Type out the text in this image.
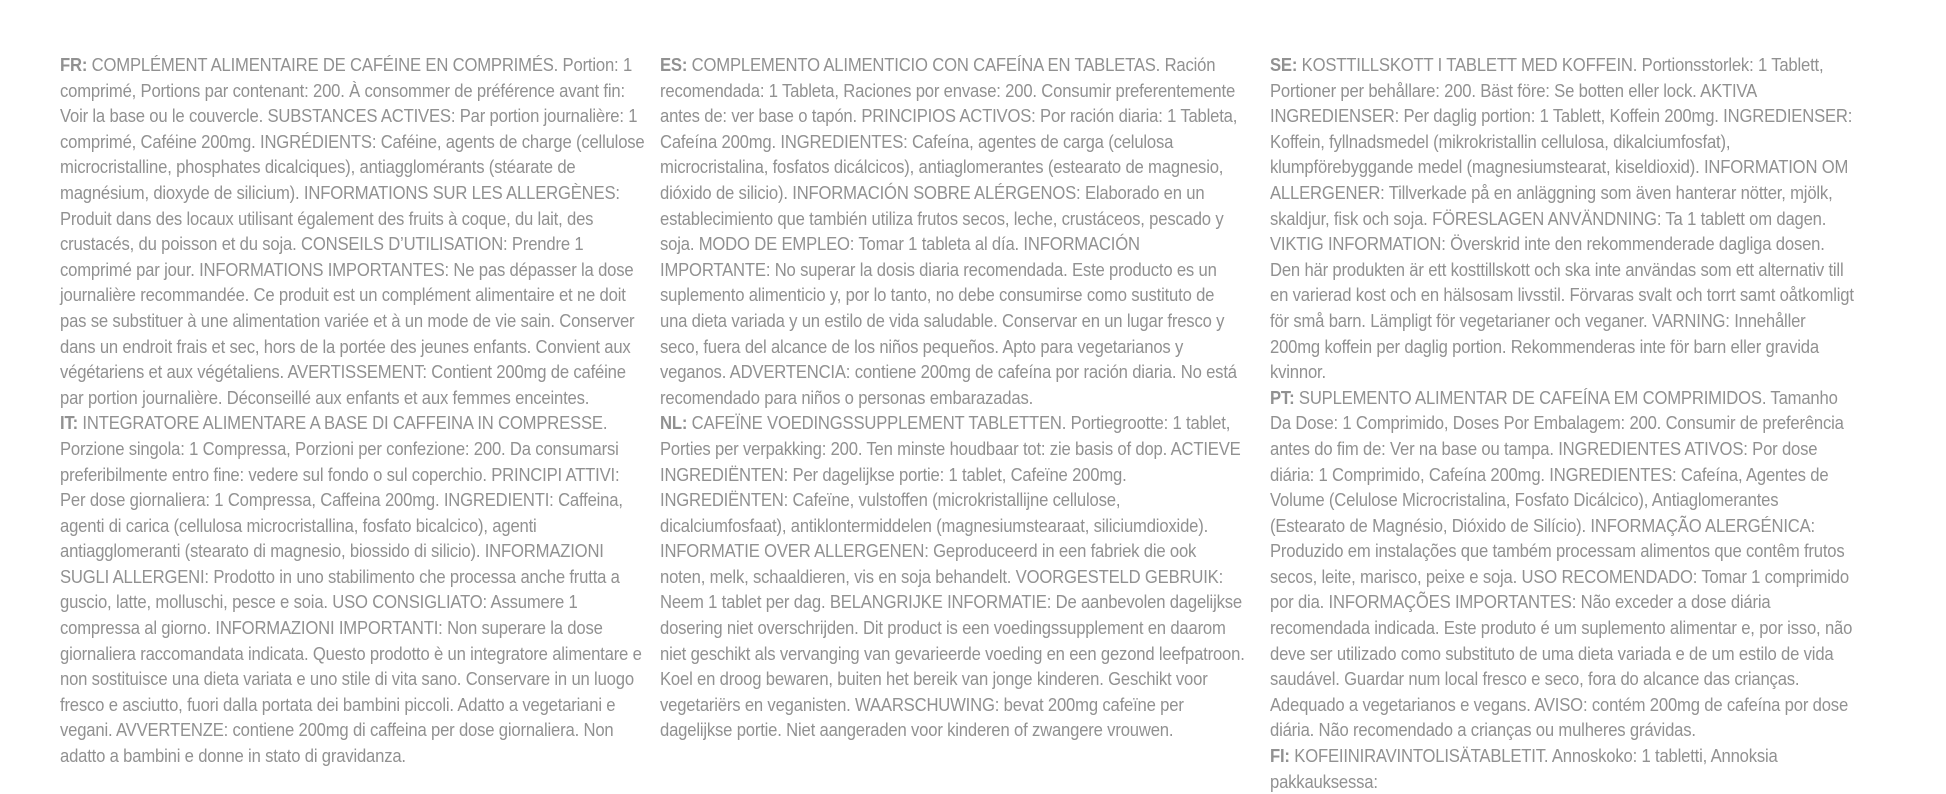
FR: COMPLÉMENT ALIMENTAIRE DE CAFÉINE EN COMPRIMÉS. Portion: 1 comprimé, Portions par contenant: 200. À consommer de préférence avant fin: Voir la base ou le couvercle. SUBSTANCES ACTIVES: Par portion journalière: 1 comprimé, Caféine 200mg. INGRÉDIENTS: Caféine, agents de charge (cellulose microcristalline, phosphates dicalciques), antiagglomérants (stéarate de magnésium, dioxyde de silicium). INFORMATIONS SUR LES ALLERGÈNES: Produit dans des locaux utilisant également des fruits à coque, du lait, des crustacés, du poisson et du soja. CONSEILS D’UTILISATION: Prendre 1 comprimé par jour. INFORMATIONS IMPORTANTES: Ne pas dépasser la dose journalière recommandée. Ce produit est un complément alimentaire et ne doit pas se substituer à une alimentation variée et à un mode de vie sain. Conserver dans un endroit frais et sec, hors de la portée des jeunes enfants. Convient aux végétariens et aux végétaliens. AVERTISSEMENT: Contient 200mg de caféine par portion journalière. Déconseillé aux enfants et aux femmes enceintes.

IT: INTEGRATORE ALIMENTARE A BASE DI CAFFEINA IN COMPRESSE. Porzione singola: 1 Compressa, Porzioni per confezione: 200. Da consumarsi preferibilmente entro fine: vedere sul fondo o sul coperchio. PRINCIPI ATTIVI: Per dose giornaliera: 1 Compressa, Caffeina 200mg. INGREDIENTI: Caffeina, agenti di carica (cellulosa microcristallina, fosfato bicalcico), agenti antiagglomeranti (stearato di magnesio, biossido di silicio). INFORMAZIONI SUGLI ALLERGENI: Prodotto in uno stabilimento che processa anche frutta a guscio, latte, molluschi, pesce e soia. USO CONSIGLIATO: Assumere 1 compressa al giorno. INFORMAZIONI IMPORTANTI: Non superare la dose giornaliera raccomandata indicata. Questo prodotto è un integratore alimentare e non sostituisce una dieta variata e uno stile di vita sano. Conservare in un luogo fresco e asciutto, fuori dalla portata dei bambini piccoli. Adatto a vegetariani e vegani. AVVERTENZE: contiene 200mg di caffeina per dose giornaliera. Non adatto a bambini e donne in stato di gravidanza.

ES: COMPLEMENTO ALIMENTICIO CON CAFEÍNA EN TABLETAS. Ración recomendada: 1 Tableta, Raciones por envase: 200. Consumir preferentemente antes de: ver base o tapón. PRINCIPIOS ACTIVOS: Por ración diaria: 1 Tableta, Cafeína 200mg. INGREDIENTES: Cafeína, agentes de carga (celulosa microcristalina, fosfatos dicálcicos), antiaglomerantes (estearato de magnesio, dióxido de silicio). INFORMACIÓN SOBRE ALÉRGENOS: Elaborado en un establecimiento que también utiliza frutos secos, leche, crustáceos, pescado y soja. MODO DE EMPLEO: Tomar 1 tableta al día. INFORMACIÓN IMPORTANTE: No superar la dosis diaria recomendada. Este producto es un suplemento alimenticio y, por lo tanto, no debe consumirse como sustituto de una dieta variada y un estilo de vida saludable. Conservar en un lugar fresco y seco, fuera del alcance de los niños pequeños. Apto para vegetarianos y veganos. ADVERTENCIA: contiene 200mg de cafeína por ración diaria. No está recomendado para niños o personas embarazadas.

NL: CAFEÏNE VOEDINGSSUPPLEMENT TABLETTEN. Portiegrootte: 1 tablet, Porties per verpakking: 200. Ten minste houdbaar tot: zie basis of dop. ACTIEVE INGREDIËNTEN: Per dagelijkse portie: 1 tablet, Cafeïne 200mg. INGREDIËNTEN: Cafeïne, vulstoffen (microkristallijne cellulose, dicalciumfosfaat), antiklontermiddelen (magnesiumstearaat, siliciumdioxide). INFORMATIE OVER ALLERGENEN: Geproduceerd in een fabriek die ook noten, melk, schaaldieren, vis en soja behandelt. VOORGESTELD GEBRUIK: Neem 1 tablet per dag. BELANGRIJKE INFORMATIE: De aanbevolen dagelijkse dosering niet overschrijden. Dit product is een voedingssupplement en daarom niet geschikt als vervanging van gevarieerde voeding en een gezond leefpatroon. Koel en droog bewaren, buiten het bereik van jonge kinderen. Geschikt voor vegetariërs en veganisten. WAARSCHUWING: bevat 200mg cafeïne per dagelijkse portie. Niet aangeraden voor kinderen of zwangere vrouwen.

SE: KOSTTILLSKOTT I TABLETT MED KOFFEIN. Portionsstorlek: 1 Tablett, Portioner per behållare: 200. Bäst före: Se botten eller lock. AKTIVA INGREDIENSER: Per daglig portion: 1 Tablett, Koffein 200mg. INGREDIENSER: Koffein, fyllnadsmedel (mikrokristallin cellulosa, dikalciumfosfat), klumpförebyggande medel (magnesiumstearat, kiseldioxid). INFORMATION OM ALLERGENER: Tillverkade på en anläggning som även hanterar nötter, mjölk, skaldjur, fisk och soja. FÖRESLAGEN ANVÄNDNING: Ta 1 tablett om dagen. VIKTIG INFORMATION: Överskrid inte den rekommenderade dagliga dosen. Den här produkten är ett kosttillskott och ska inte användas som ett alternativ till en varierad kost och en hälsosam livsstil. Förvaras svalt och torrt samt oåtkomligt för små barn. Lämpligt för vegetarianer och veganer. VARNING: Innehåller 200mg koffein per daglig portion. Rekommenderas inte för barn eller gravida kvinnor.

PT: SUPLEMENTO ALIMENTAR DE CAFEÍNA EM COMPRIMIDOS. Tamanho Da Dose: 1 Comprimido, Doses Por Embalagem: 200. Consumir de preferência antes do fim de: Ver na base ou tampa. INGREDIENTES ATIVOS: Por dose diária: 1 Comprimido, Cafeína 200mg. INGREDIENTES: Cafeína, Agentes de Volume (Celulose Microcristalina, Fosfato Dicálcico), Antiaglomerantes (Estearato de Magnésio, Dióxido de Silício). INFORMAÇÃO ALERGÉNICA: Produzido em instalações que também processam alimentos que contêm frutos secos, leite, marisco, peixe e soja. USO RECOMENDADO: Tomar 1 comprimido por dia. INFORMAÇÕES IMPORTANTES: Não exceder a dose diária recomendada indicada. Este produto é um suplemento alimentar e, por isso, não deve ser utilizado como substituto de uma dieta variada e de um estilo de vida saudável. Guardar num local fresco e seco, fora do alcance das crianças. Adequado a vegetarianos e vegans. AVISO: contém 200mg de cafeína por dose diária. Não recomendado a crianças ou mulheres grávidas.

FI: KOFEIINIRAVINTOLISÄTABLETIT. Annoskoko: 1 tabletti, Annoksia pakkauksessa:
